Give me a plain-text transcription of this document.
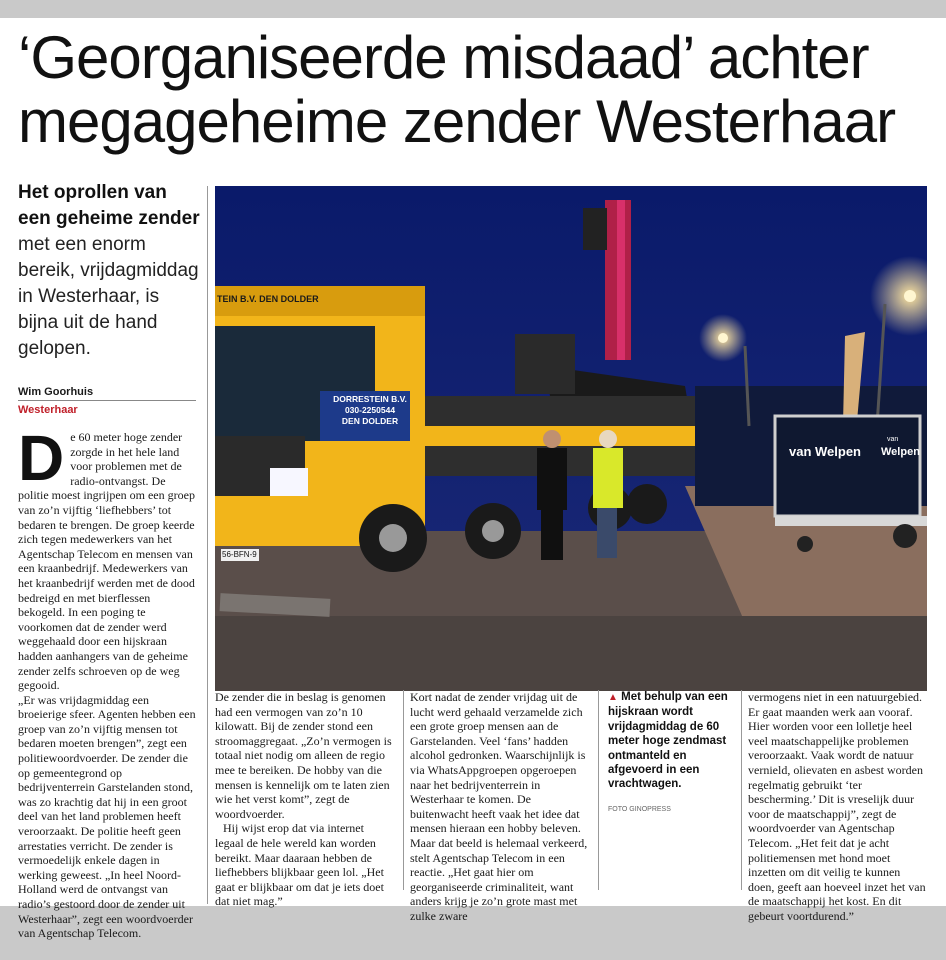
‘Georganiseerde misdaad’ achter
megageheime zender Westerhaar
Het oprollen van een geheime zender met een enorm bereik, vrijdagmiddag in Westerhaar, is bijna uit de hand gelopen.
Wim Goorhuis
Westerhaar
D e 60 meter hoge zender zorgde in het hele land voor problemen met de radio-ontvangst. De politie moest ingrijpen om een groep van zo’n vijftig ‘liefhebbers’ tot bedaren te brengen. De groep keerde zich tegen medewerkers van het Agentschap Telecom en mensen van een kraanbedrijf. Medewerkers van het kraanbedrijf werden met de dood bedreigd en met bierflessen bekogeld. In een poging te voorkomen dat de zender werd weggehaald door een hijskraan hadden aanhangers van de geheime zender zelfs schroeven op de weg gegooid.

„Er was vrijdagmiddag een broeierige sfeer. Agenten hebben een groep van zo’n vijftig mensen tot bedaren moeten brengen”, zegt een politiewoordvoerder. De zender die op gemeentegrond op bedrijventerrein Garstelanden stond, was zo krachtig dat hij in een groot deel van het land problemen heeft veroorzaakt. De politie heeft geen arrestaties verricht. De zender is vermoedelijk enkele dagen in werking geweest. „In heel Noord-Holland werd de ontvangst van radio’s gestoord door de zender uit Westerhaar”, zegt een woordvoerder van Agentschap Telecom.

DORRESTEIN B.V.
030-2250544
DEN DOLDER
TEIN B.V. DEN DOLDER
56-BFN-9
van Welpen
van
Welpen

De zender die in beslag is genomen had een vermogen van zo’n 10 kilowatt. Bij de zender stond een stroomaggregaat. „Zo’n vermogen is totaal niet nodig om alleen de regio mee te bereiken. De hobby van die mensen is kennelijk om te laten zien wie het verst komt”, zegt de woordvoerder.

Hij wijst erop dat via internet legaal de hele wereld kan worden bereikt. Maar daaraan hebben de liefhebbers blijkbaar geen lol. „Het gaat er blijkbaar om dat je iets doet dat niet mag.”

Kort nadat de zender vrijdag uit de lucht werd gehaald verzamelde zich een grote groep mensen aan de Garstelanden. Veel ‘fans’ hadden alcohol gedronken. Waarschijnlijk is via WhatsAppgroepen opgeroepen naar het bedrijventerrein in Westerhaar te komen. De buitenwacht heeft vaak het idee dat mensen hieraan een hobby beleven. Maar dat beeld is helemaal verkeerd, stelt Agentschap Telecom in een reactie. „Het gaat hier om georganiseerde criminaliteit, want anders krijg je zo’n grote mast met zulke zware

▲ Met behulp van een hijskraan wordt vrijdagmiddag de 60 meter hoge zendmast ontmanteld en afgevoerd in een vrachtwagen.
FOTO GINOPRESS

vermogens niet in een natuurgebied. Er gaat maanden werk aan vooraf. Hier worden voor een lolletje heel veel maatschappelijke problemen veroorzaakt. Vaak wordt de natuur vernield, olievaten en asbest worden regelmatig gebruikt ‘ter bescherming.’ Dit is vreselijk duur voor de maatschappij”, zegt de woordvoerder van Agentschap Telecom. „Het feit dat je acht politiemensen met hond moet inzetten om dit veilig te kunnen doen, geeft aan hoeveel inzet het van de maatschappij het kost. En dit gebeurt voortdurend.”
